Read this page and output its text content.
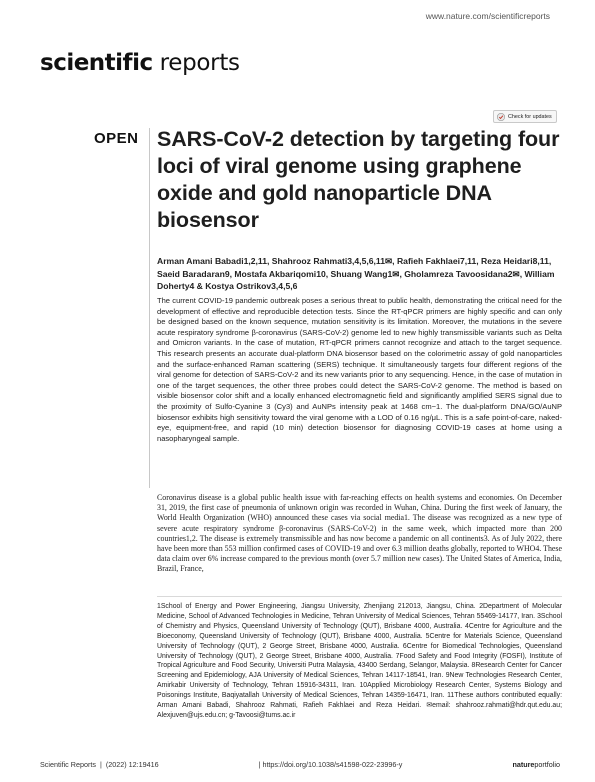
www.nature.com/scientificreports
scientific reports
Check for updates
OPEN SARS-CoV-2 detection by targeting four loci of viral genome using graphene oxide and gold nanoparticle DNA biosensor
Arman Amani Babadi1,2,11, Shahrooz Rahmati3,4,5,6,11✉, Rafieh Fakhlaei7,11, Reza Heidari8,11, Saeid Baradaran9, Mostafa Akbariqomi10, Shuang Wang1✉, Gholamreza Tavoosidana2✉, William Doherty4 & Kostya Ostrikov3,4,5,6
The current COVID-19 pandemic outbreak poses a serious threat to public health, demonstrating the critical need for the development of effective and reproducible detection tests. Since the RT-qPCR primers are highly specific and can only be designed based on the known sequence, mutation sensitivity is its limitation. Moreover, the mutations in the severe acute respiratory syndrome β-coronavirus (SARS-CoV-2) genome led to new highly transmissible variants such as Delta and Omicron variants. In the case of mutation, RT-qPCR primers cannot recognize and attach to the target sequence. This research presents an accurate dual-platform DNA biosensor based on the colorimetric assay of gold nanoparticles and the surface-enhanced Raman scattering (SERS) technique. It simultaneously targets four different regions of the viral genome for detection of SARS-CoV-2 and its new variants prior to any sequencing. Hence, in the case of mutation in one of the target sequences, the other three probes could detect the SARS-CoV-2 genome. The method is based on visible biosensor color shift and a locally enhanced electromagnetic field and significantly amplified SERS signal due to the proximity of Sulfo-Cyanine 3 (Cy3) and AuNPs intensity peak at 1468 cm−1. The dual-platform DNA/GO/AuNP biosensor exhibits high sensitivity toward the viral genome with a LOD of 0.16 ng/μL. This is a safe point-of-care, naked-eye, equipment-free, and rapid (10 min) detection biosensor for diagnosing COVID-19 cases at home using a nasopharyngeal sample.
Coronavirus disease is a global public health issue with far-reaching effects on health systems and economies. On December 31, 2019, the first case of pneumonia of unknown origin was recorded in Wuhan, China. During the first week of January, the World Health Organization (WHO) announced these cases via social media1. The disease was recognized as a new type of severe acute respiratory syndrome β-coronavirus (SARS-CoV-2) in the same week, which impacted more than 200 countries1,2. The disease is extremely transmissible and has now become a pandemic on all continents3. As of July 2022, there have been more than 553 million confirmed cases of COVID-19 and over 6.3 million deaths globally, reported to WHO4. These data claim over 6% increase compared to the previous month (over 5.7 million new cases). The United States of America, India, Brazil, France,
1School of Energy and Power Engineering, Jiangsu University, Zhenjiang 212013, Jiangsu, China. 2Department of Molecular Medicine, School of Advanced Technologies in Medicine, Tehran University of Medical Sciences, Tehran 55469-14177, Iran. 3School of Chemistry and Physics, Queensland University of Technology (QUT), Brisbane 4000, Australia. 4Centre for Agriculture and the Bioeconomy, Queensland University of Technology (QUT), Brisbane 4000, Australia. 5Centre for Materials Science, Queensland University of Technology (QUT), 2 George Street, Brisbane 4000, Australia. 6Centre for Biomedical Technologies, Queensland University of Technology (QUT), 2 George Street, Brisbane 4000, Australia. 7Food Safety and Food Integrity (FOSFI), Institute of Tropical Agriculture and Food Security, Universiti Putra Malaysia, 43400 Serdang, Selangor, Malaysia. 8Research Center for Cancer Screening and Epidemiology, AJA University of Medical Sciences, Tehran 14117-18541, Iran. 9New Technologies Research Center, Amirkabir University of Technology, Tehran 15916-34311, Iran. 10Applied Microbiology Research Center, Systems Biology and Poisonings Institute, Baqiyatallah University of Medical Sciences, Tehran 14359-16471, Iran. 11These authors contributed equally: Arman Amani Babadi, Shahrooz Rahmati, Rafieh Fakhlaei and Reza Heidari. ✉email: shahrooz.rahmati@hdr.qut.edu.au; Alexjuven@ujs.edu.cn; g-Tavoosi@tums.ac.ir
Scientific Reports | (2022) 12:19416	| https://doi.org/10.1038/s41598-022-23996-y	natureportfolio
